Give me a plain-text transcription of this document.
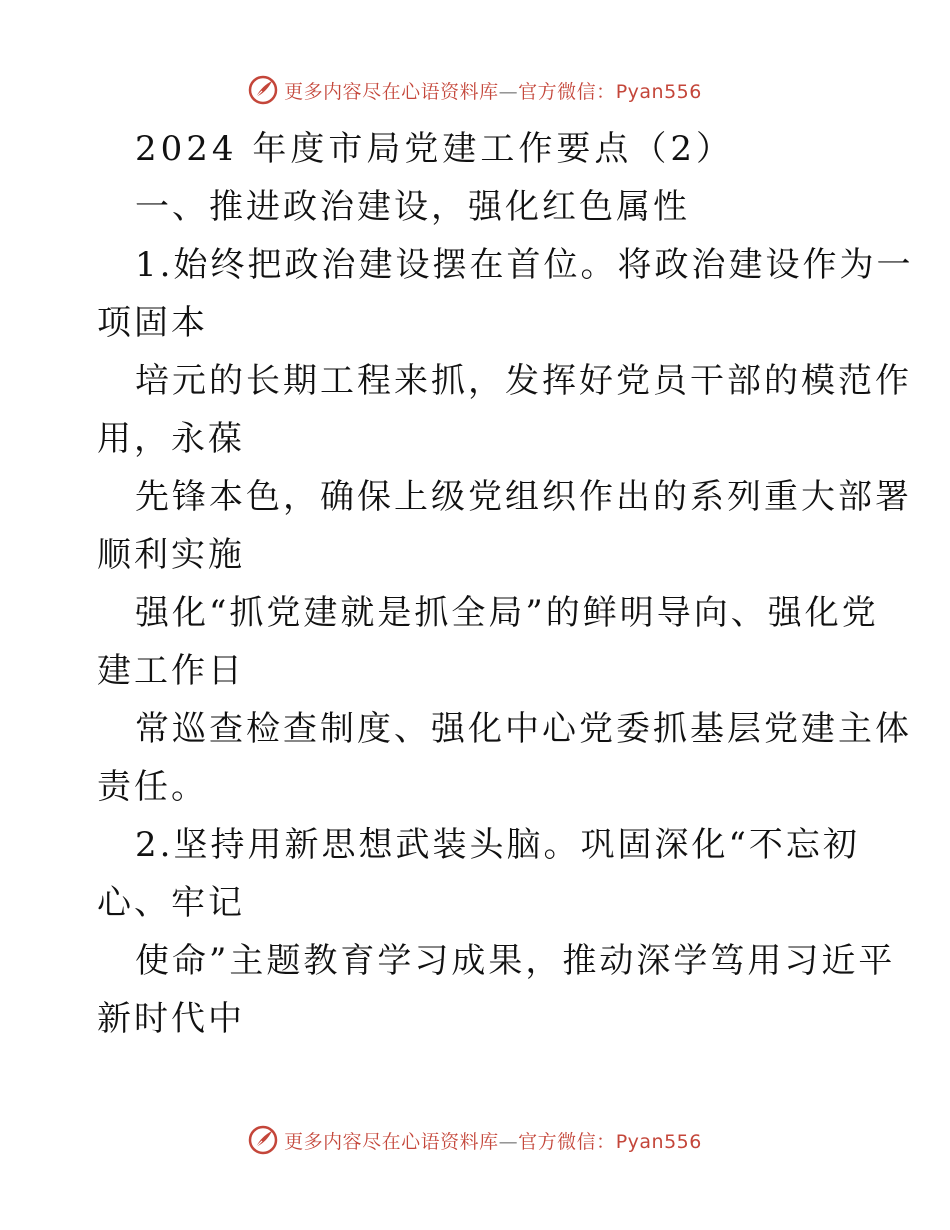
更多内容尽在心语资料库—官方微信：Pyan556
2024 年度市局党建工作要点（2）
一、推进政治建设，强化红色属性
1.始终把政治建设摆在首位。将政治建设作为一
项固本
培元的长期工程来抓，发挥好党员干部的模范作
用，永葆
先锋本色，确保上级党组织作出的系列重大部署
顺利实施
强化“抓党建就是抓全局”的鲜明导向、强化党
建工作日
常巡查检查制度、强化中心党委抓基层党建主体
责任。
2.坚持用新思想武装头脑。巩固深化“不忘初
心、牢记
使命”主题教育学习成果，推动深学笃用习近平
新时代中
更多内容尽在心语资料库—官方微信：Pyan556
